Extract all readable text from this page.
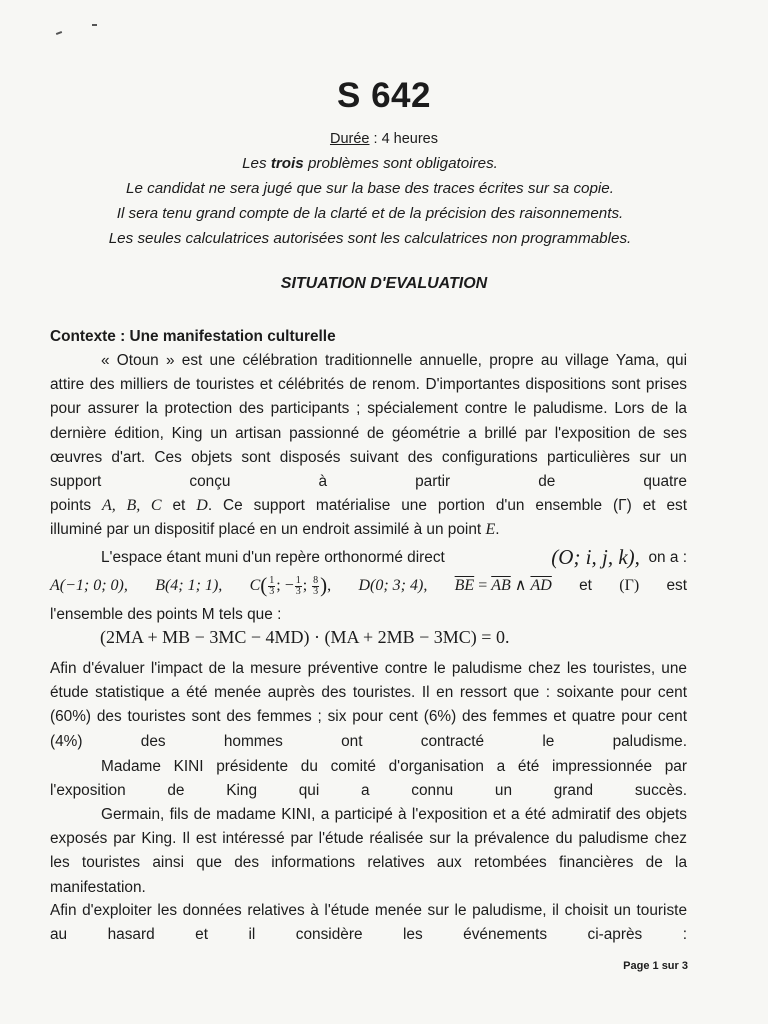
S 642
Durée : 4 heures
Les trois problèmes sont obligatoires.
Le candidat ne sera jugé que sur la base des traces écrites sur sa copie.
Il sera tenu grand compte de la clarté et de la précision des raisonnements.
Les seules calculatrices autorisées sont les calculatrices non programmables.
SITUATION D'EVALUATION
Contexte : Une manifestation culturelle
« Otoun » est une célébration traditionnelle annuelle, propre au village Yama, qui attire des milliers de touristes et célébrités de renom. D'importantes dispositions sont prises pour assurer la protection des participants ; spécialement contre le paludisme. Lors de la dernière édition, King un artisan passionné de géométrie a brillé par l'exposition de ses œuvres d'art. Ces objets sont disposés suivant des configurations particulières sur un support conçu à partir de quatre
points A, B, C et D. Ce support matérialise une portion d'un ensemble (Γ) et est
illuminé par un dispositif placé en un endroit assimilé à un point E.
L'espace étant muni d'un repère orthonormé direct	(O; i, j, k), on a :
A(−1; 0; 0), B(4; 1; 1), $C( \frac{1}{3}$ ; − $\frac{1}{3}$ ; $\frac{8}{3}$ ), D(0; 3; 4), $\overline{BE} = \overline{AB}$ ∧ $\overline{AD}$ et (Γ) est
l'ensemble des points M tels que :
(2MA + MB − 3MC − 4MD) · (MA + 2MB − 3MC) = 0.
Afin d'évaluer l'impact de la mesure préventive contre le paludisme chez les touristes, une étude statistique a été menée auprès des touristes. Il en ressort que : soixante pour cent (60%) des touristes sont des femmes ; six pour cent (6%) des femmes et quatre pour cent (4%) des hommes ont contracté le paludisme.
Madame KINI présidente du comité d'organisation a été impressionnée par l'exposition de King qui a connu un grand succès.
Germain, fils de madame KINI, a participé à l'exposition et a été admiratif des objets exposés par King. Il est intéressé par l'étude réalisée sur la prévalence du paludisme chez les touristes ainsi que des informations relatives aux retombées financières de la manifestation.
Afin d'exploiter les données relatives à l'étude menée sur le paludisme, il choisit un touriste au hasard et il considère les événements ci-après :
Page 1 sur 3
